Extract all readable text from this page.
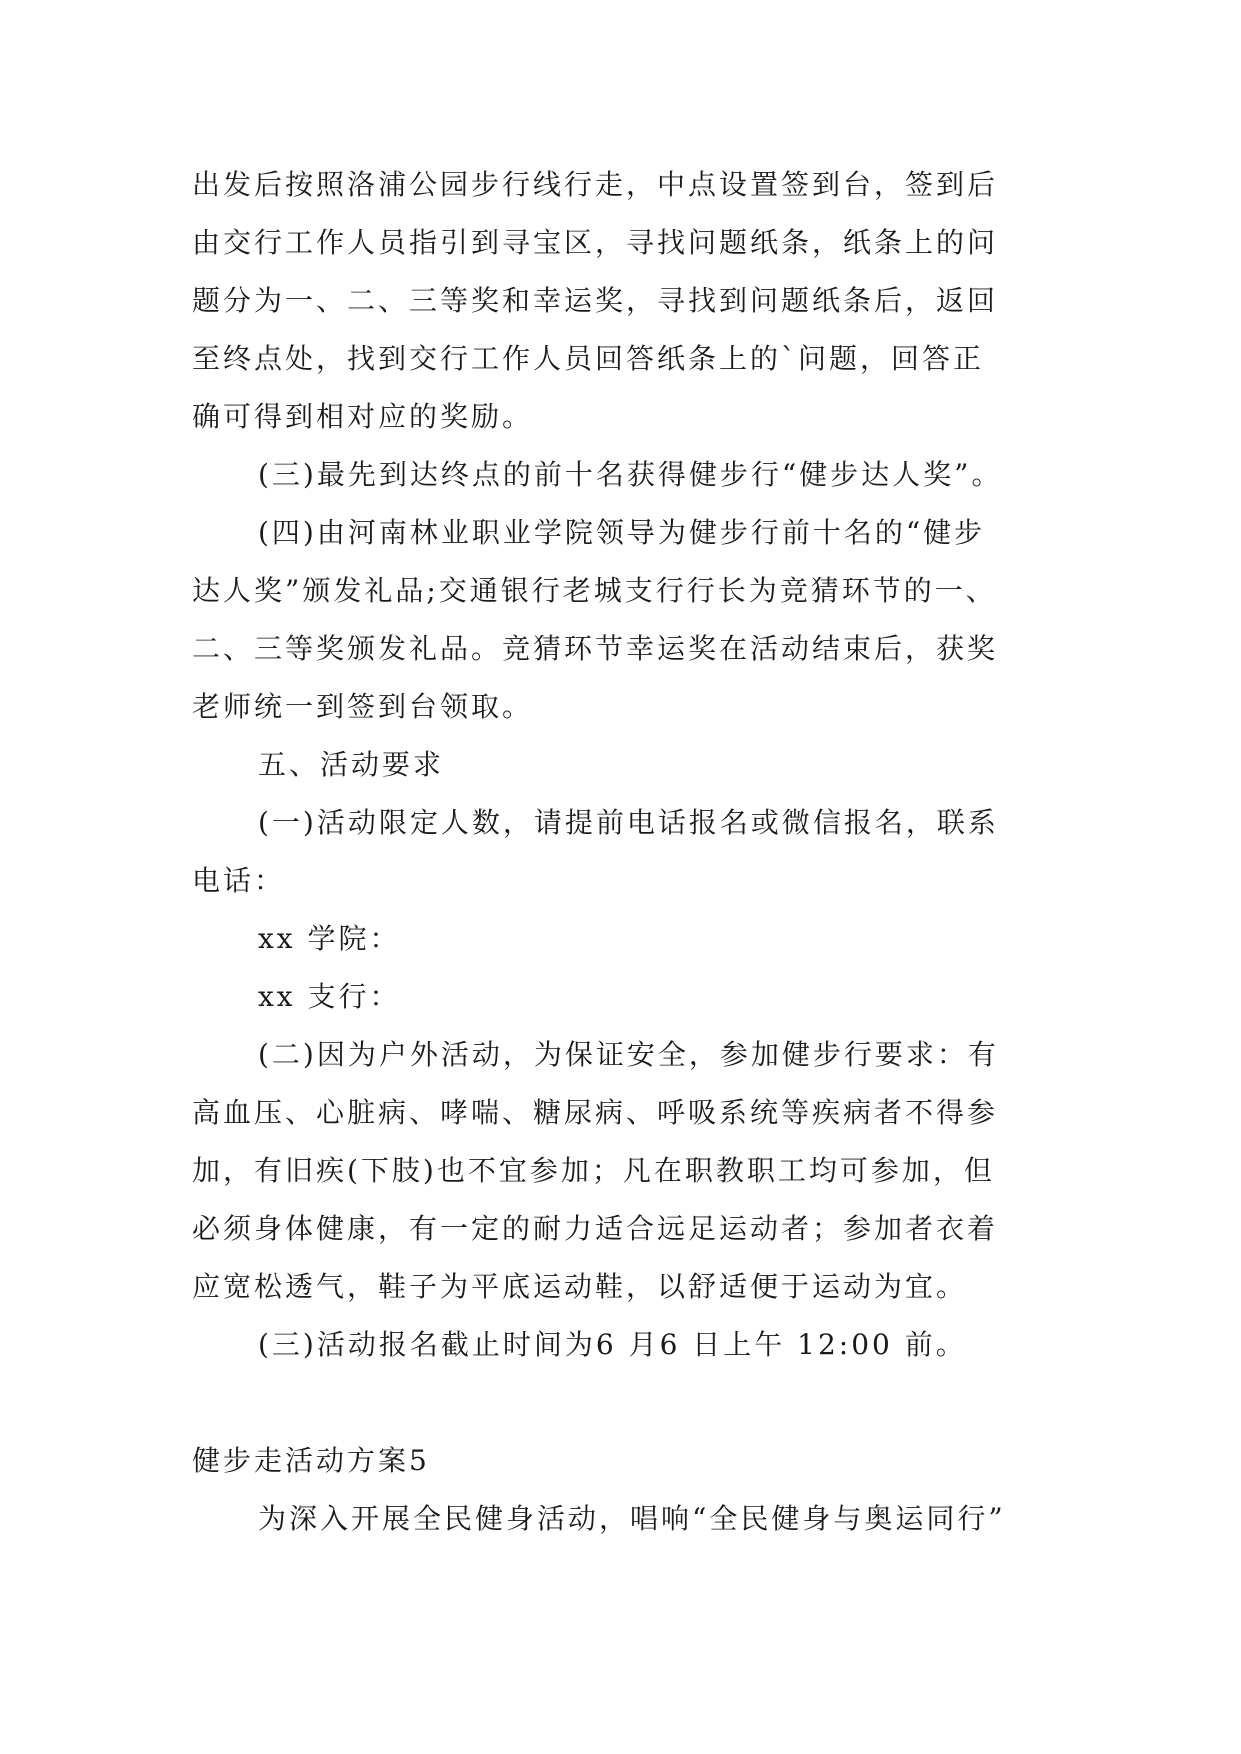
出发后按照洛浦公园步行线行走，中点设置签到台，签到后
由交行工作人员指引到寻宝区，寻找问题纸条，纸条上的问
题分为一、二、三等奖和幸运奖，寻找到问题纸条后，返回
至终点处，找到交行工作人员回答纸条上的`问题，回答正
确可得到相对应的奖励。
(三)最先到达终点的前十名获得健步行“健步达人奖”。
(四)由河南林业职业学院领导为健步行前十名的“健步
达人奖”颁发礼品;交通银行老城支行行长为竞猜环节的一、
二、三等奖颁发礼品。竞猜环节幸运奖在活动结束后，获奖
老师统一到签到台领取。
五、活动要求
(一)活动限定人数，请提前电话报名或微信报名，联系
电话：
xx 学院：
xx 支行：
(二)因为户外活动，为保证安全，参加健步行要求：有
高血压、心脏病、哮喘、糖尿病、呼吸系统等疾病者不得参
加，有旧疾(下肢)也不宜参加；凡在职教职工均可参加，但
必须身体健康，有一定的耐力适合远足运动者；参加者衣着
应宽松透气，鞋子为平底运动鞋，以舒适便于运动为宜。
(三)活动报名截止时间为6 月6 日上午 12:00 前。
健步走活动方案5
为深入开展全民健身活动，唱响“全民健身与奥运同行”
